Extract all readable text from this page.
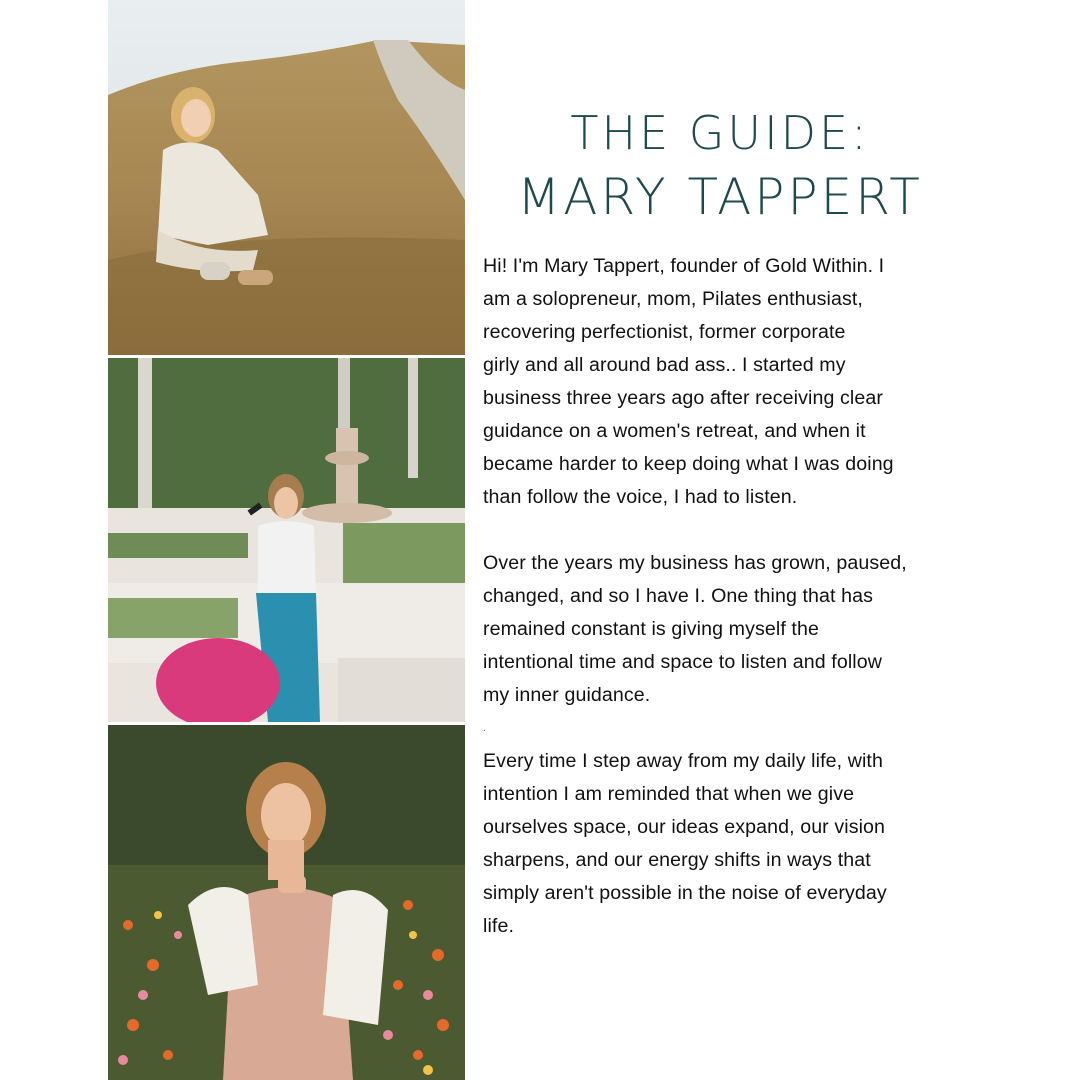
THE GUIDE:
MARY TAPPERT

Hi! I'm Mary Tappert, founder of Gold Within. I

am a solopreneur, mom, Pilates enthusiast,

recovering perfectionist, former corporate

girly and all around bad ass.. I started my

business three years ago after receiving clear

guidance on a women's retreat, and when it

became harder to keep doing what I was doing

than follow the voice, I had to listen.

Over the years my business has grown, paused,

changed, and so I have I. One thing that has

remained constant is giving myself the

intentional time and space to listen and follow

my inner guidance.

.

Every time I step away from my daily life, with

intention I am reminded that when we give

ourselves space, our ideas expand, our vision

sharpens, and our energy shifts in ways that

simply aren't possible in the noise of everyday

life.
